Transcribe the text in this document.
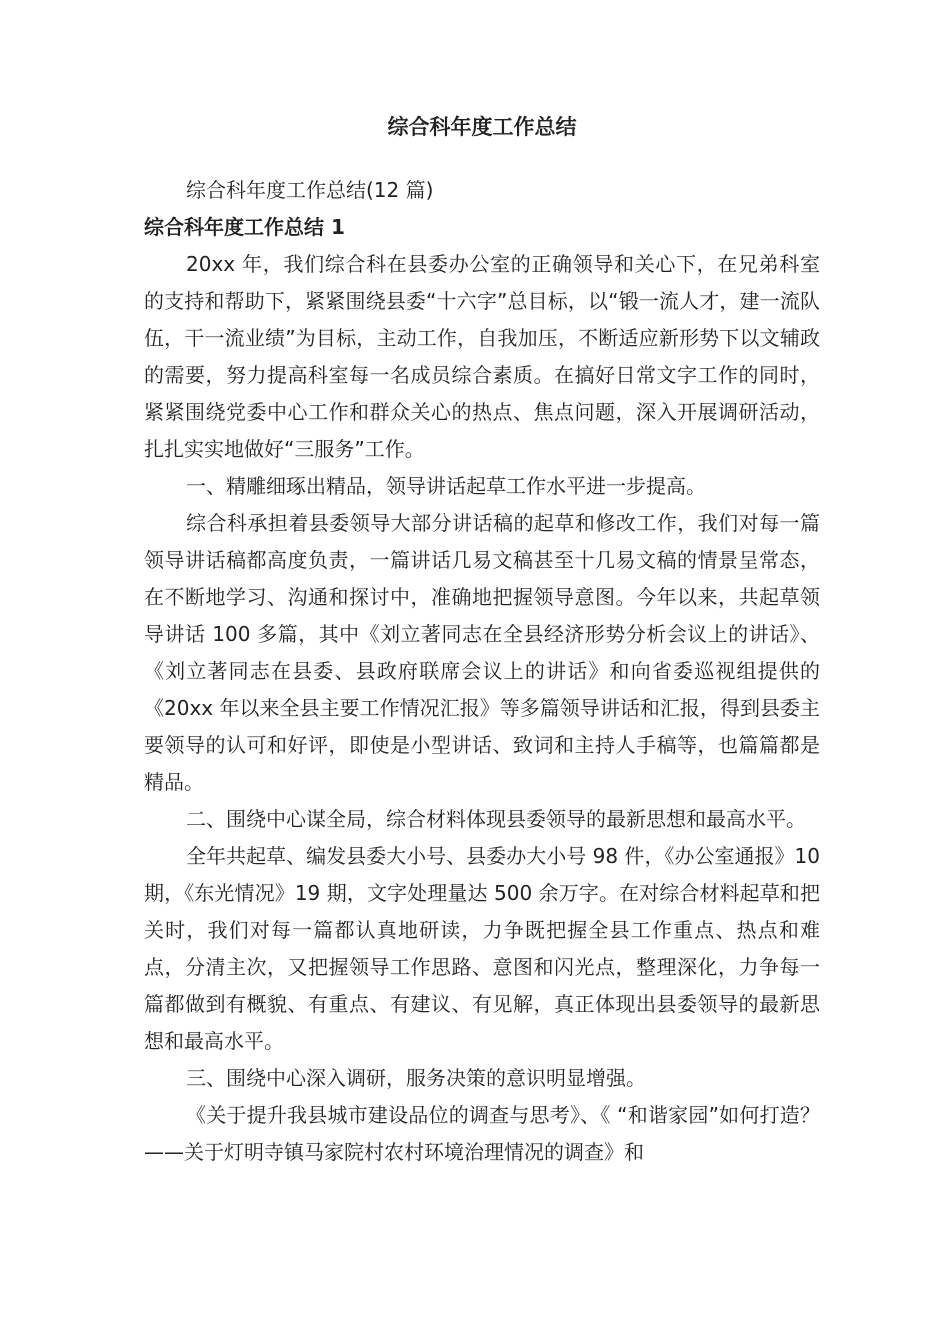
综合科年度工作总结

综合科年度工作总结(12 篇)

综合科年度工作总结 1

20xx 年，我们综合科在县委办公室的正确领导和关心下，在兄弟科室的支持和帮助下，紧紧围绕县委“十六字”总目标，以“锻一流人才，建一流队伍，干一流业绩”为目标，主动工作，自我加压，不断适应新形势下以文辅政的需要，努力提高科室每一名成员综合素质。在搞好日常文字工作的同时，紧紧围绕党委中心工作和群众关心的热点、焦点问题，深入开展调研活动，扎扎实实地做好“三服务”工作。

一、精雕细琢出精品，领导讲话起草工作水平进一步提高。

综合科承担着县委领导大部分讲话稿的起草和修改工作，我们对每一篇领导讲话稿都高度负责，一篇讲话几易文稿甚至十几易文稿的情景呈常态，在不断地学习、沟通和探讨中，准确地把握领导意图。今年以来，共起草领导讲话 100 多篇，其中《刘立著同志在全县经济形势分析会议上的讲话》、《刘立著同志在县委、县政府联席会议上的讲话》和向省委巡视组提供的《20xx 年以来全县主要工作情况汇报》等多篇领导讲话和汇报，得到县委主要领导的认可和好评，即使是小型讲话、致词和主持人手稿等，也篇篇都是精品。

二、围绕中心谋全局，综合材料体现县委领导的最新思想和最高水平。

全年共起草、编发县委大小号、县委办大小号 98 件，《办公室通报》10 期，《东光情况》19 期，文字处理量达 500 余万字。在对综合材料起草和把关时，我们对每一篇都认真地研读，力争既把握全县工作重点、热点和难点，分清主次，又把握领导工作思路、意图和闪光点，整理深化，力争每一篇都做到有概貌、有重点、有建议、有见解，真正体现出县委领导的最新思想和最高水平。

三、围绕中心深入调研，服务决策的意识明显增强。

《关于提升我县城市建设品位的调查与思考》、《 “和谐家园”如何打造？——关于灯明寺镇马家院村农村环境治理情况的调查》和
